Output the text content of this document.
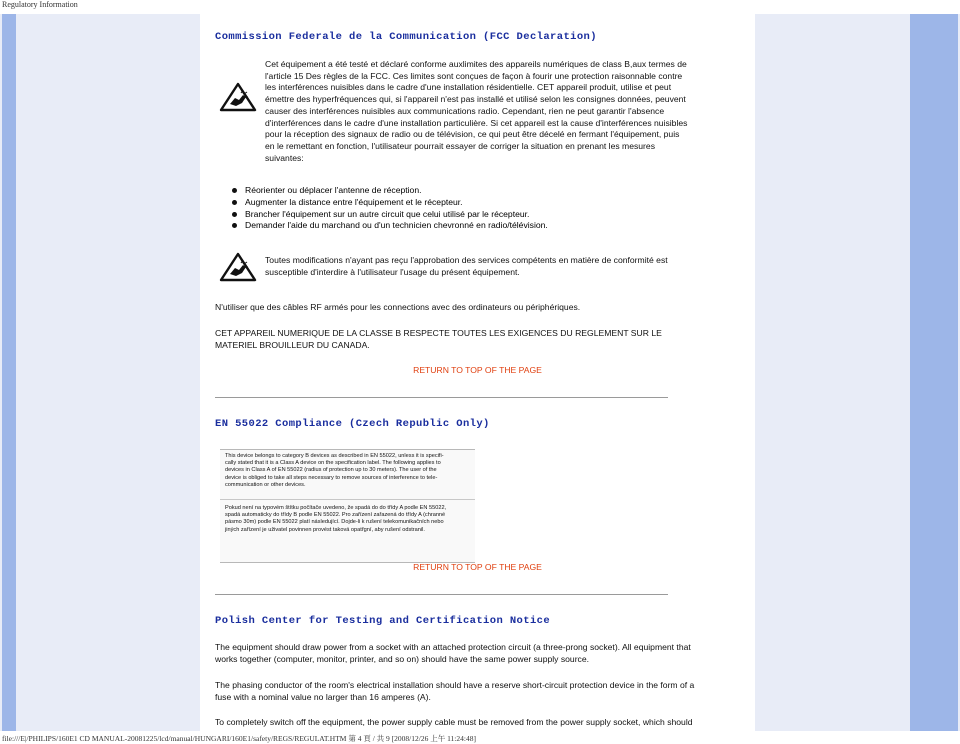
Regulatory Information
Commission Federale de la Communication (FCC Declaration)
Cet équipement a été testé et déclaré conforme auxlimites des appareils numériques de class B,aux termes de
l'article 15 Des règles de la FCC. Ces limites sont conçues de façon à fourir une protection raisonnable contre
les interférences nuisibles dans le cadre d'une installation résidentielle. CET appareil produit, utilise et peut
émettre des hyperfréquences qui, si l'appareil n'est pas installé et utilisé selon les consignes données, peuvent
causer des interférences nuisibles aux communications radio. Cependant, rien ne peut garantir l'absence
d'interférences dans le cadre d'une installation particulière. Si cet appareil est la cause d'interférences nuisibles
pour la réception des signaux de radio ou de télévision, ce qui peut être décelé en fermant l'équipement, puis
en le remettant en fonction, l'utilisateur pourrait essayer de corriger la situation en prenant les mesures
suivantes:
Réorienter ou déplacer l'antenne de réception.
Augmenter la distance entre l'équipement et le récepteur.
Brancher l'équipement sur un autre circuit que celui utilisé par le récepteur.
Demander l'aide du marchand ou d'un technicien chevronné en radio/télévision.
Toutes modifications n'ayant pas reçu l'approbation des services compétents en matière de conformité est
susceptible d'interdire à l'utilisateur l'usage du présent équipement.
N'utiliser que des câbles RF armés pour les connections avec des ordinateurs ou périphériques.
CET APPAREIL NUMERIQUE DE LA CLASSE B RESPECTE TOUTES LES EXIGENCES DU REGLEMENT SUR LE
MATERIEL BROUILLEUR DU CANADA.
RETURN TO TOP OF THE PAGE
EN 55022 Compliance (Czech Republic Only)
This device belongs to category B devices as described in EN 55022, unless it is specifi-
cally stated that it is a Class A device on the specification label. The following applies to
devices in Class A of EN 55022 (radius of protection up to 30 meters). The user of the
device is obliged to take all steps necessary to remove sources of interference to tele-
communication or other devices.
Pokud není na typovém štítku počítače uvedeno, že spadá do do třídy A podle EN 55022,
spadá automaticky do třídy B podle EN 55022. Pro zařízení zařazená do třídy A (chranné
pásmo 30m) podle EN 55022 platí následující. Dojde-li k rušení telekomunikačních nebo
jiných zařízení je uživatel povinnen provést taková opatřgní, aby rušení odstranil.
RETURN TO TOP OF THE PAGE
Polish Center for Testing and Certification Notice
The equipment should draw power from a socket with an attached protection circuit (a three-prong socket). All equipment that
works together (computer, monitor, printer, and so on) should have the same power supply source.
The phasing conductor of the room's electrical installation should have a reserve short-circuit protection device in the form of a
fuse with a nominal value no larger than 16 amperes (A).
To completely switch off the equipment, the power supply cable must be removed from the power supply socket, which should
file:///E|/PHILIPS/160E1 CD MANUAL-20081225/lcd/manual/HUNGARI/160E1/safety/REGS/REGULAT.HTM 第 4 頁 / 共 9 [2008/12/26 上午 11:24:48]
